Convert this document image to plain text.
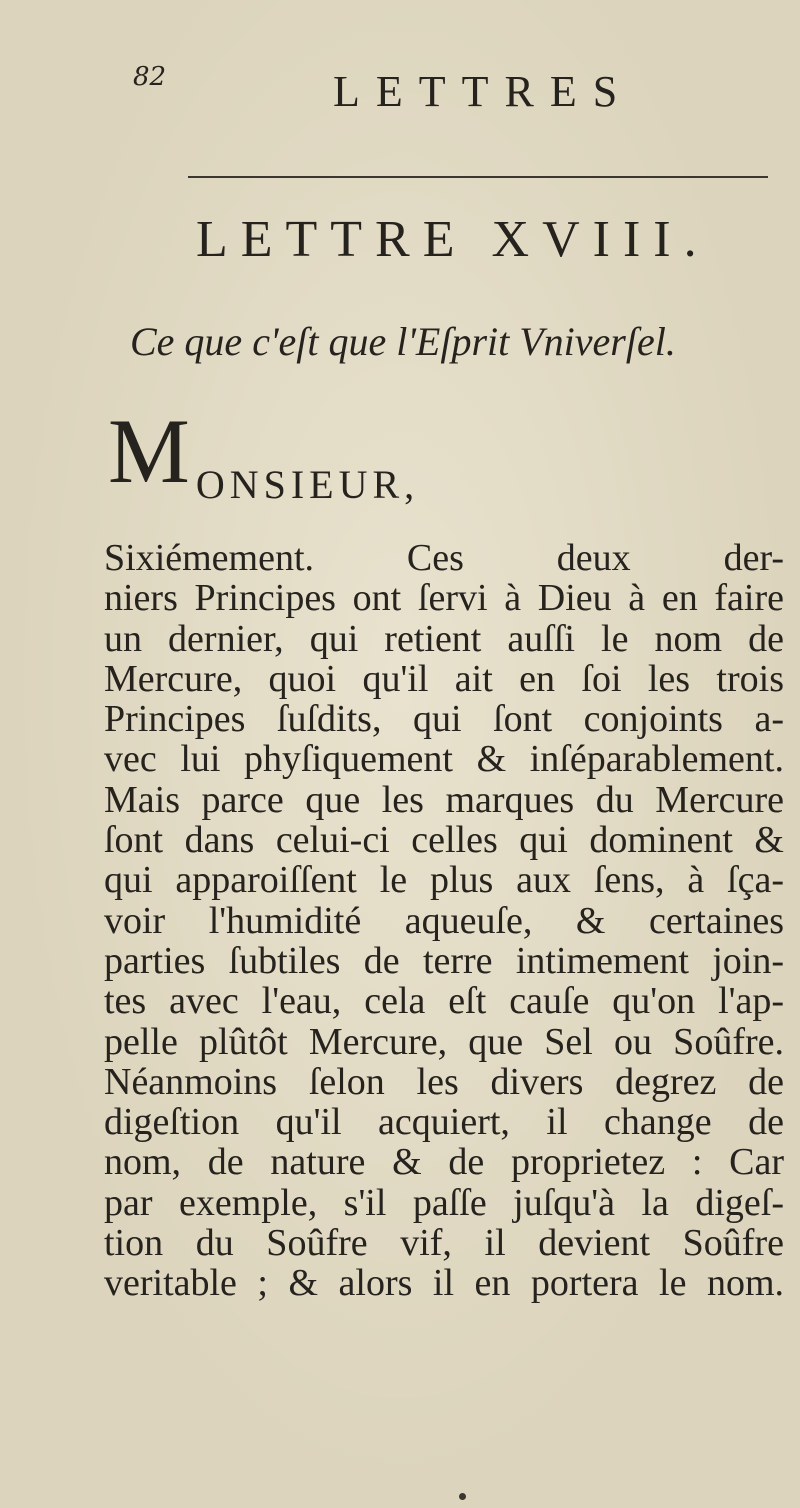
82	LETTRES
LETTRE XVIII.
Ce que c'eſt que l'Eſprit Vniverſel.
MONSIEUR,
Sixiémement. Ces deux der-
niers Principes ont ſervi à Dieu à en faire
un dernier, qui retient auſſi le nom de
Mercure, quoi qu'il ait en ſoi les trois
Principes ſuſdits, qui ſont conjoints a-
vec lui phyſiquement & inſéparablement.
Mais parce que les marques du Mercure
ſont dans celui-ci celles qui dominent &
qui apparoiſſent le plus aux ſens, à ſça-
voir l'humidité aqueuſe, & certaines
parties ſubtiles de terre intimement join-
tes avec l'eau, cela eſt cauſe qu'on l'ap-
pelle plûtôt Mercure, que Sel ou Soûfre.
Néanmoins ſelon les divers degrez de
digeſtion qu'il acquiert, il change de
nom, de nature & de proprietez : Car
par exemple, s'il paſſe juſqu'à la digeſ-
tion du Soûfre vif, il devient Soûfre
veritable ; & alors il en portera le nom.
